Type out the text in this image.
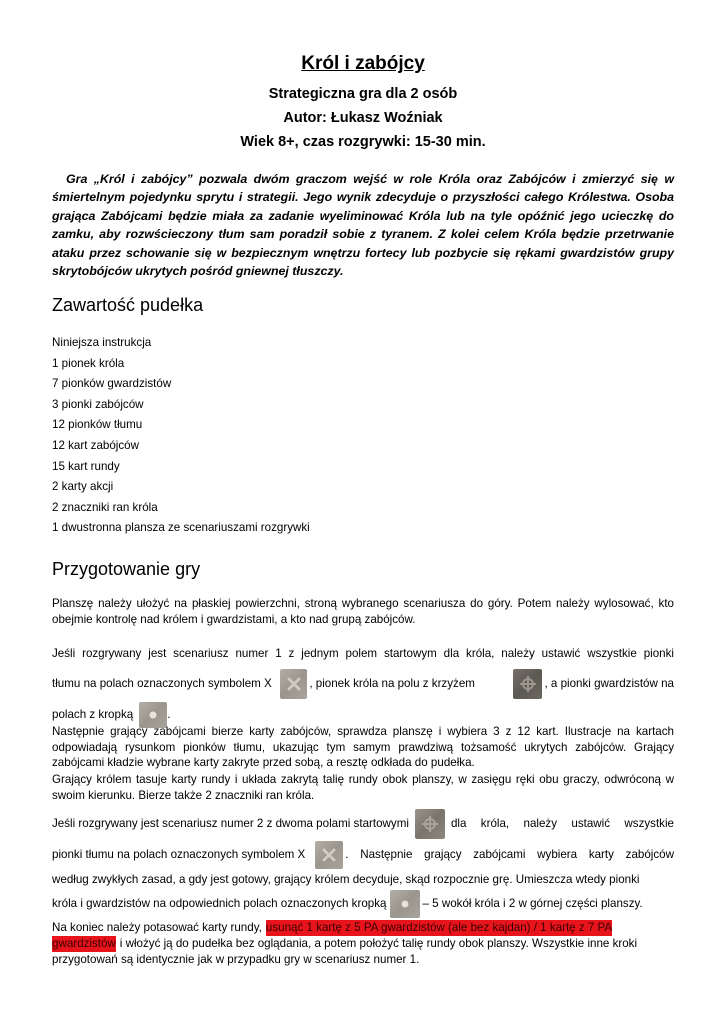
Król i zabójcy
Strategiczna gra dla 2 osób
Autor: Łukasz Woźniak
Wiek 8+, czas rozgrywki: 15-30 min.

Gra „Król i zabójcy” pozwala dwóm graczom wejść w role Króla oraz Zabójców i zmierzyć się w śmiertelnym pojedynku sprytu i strategii. Jego wynik zdecyduje o przyszłości całego Królestwa. Osoba grająca Zabójcami będzie miała za zadanie wyeliminować Króla lub na tyle opóźnić jego ucieczkę do zamku, aby rozwścieczony tłum sam poradził sobie z tyranem. Z kolei celem Króla będzie przetrwanie ataku przez schowanie się w bezpiecznym wnętrzu fortecy lub pozbycie się rękami gwardzistów grupy skrytobójców ukrytych pośród gniewnej tłuszczy.

Zawartość pudełka
Niniejsza instrukcja
1 pionek króla
7 pionków gwardzistów
3 pionki zabójców
12 pionków tłumu
12 kart zabójców
15 kart rundy
2 karty akcji
2 znaczniki ran króla
1 dwustronna plansza ze scenariuszami rozgrywki
Przygotowanie gry

Planszę należy ułożyć na płaskiej powierzchni, stroną wybranego scenariusza do góry. Potem należy wylosować, kto obejmie kontrolę nad królem i gwardzistami, a kto nad grupą zabójców.

Jeśli rozgrywany jest scenariusz numer 1 z jednym polem startowym dla króla, należy ustawić wszystkie pionki
tłumu na polach oznaczonych symbolem X	, pionek króla na polu z krzyżem	, a pionki gwardzistów na
polach z kropką	.

Następnie grający zabójcami bierze karty zabójców, sprawdza planszę i wybiera 3 z 12 kart. Ilustracje na kartach odpowiadają rysunkom pionków tłumu, ukazując tym samym prawdziwą tożsamość ukrytych zabójców. Grający zabójcami kładzie wybrane karty zakryte przed sobą, a resztę odkłada do pudełka.

Grający królem tasuje karty rundy i układa zakrytą talię rundy obok planszy, w zasięgu ręki obu graczy, odwróconą w swoim kierunku. Bierze także 2 znaczniki ran króla.

Jeśli rozgrywany jest scenariusz numer 2 z dwoma polami startowymi	dla króla, należy ustawić wszystkie
pionki tłumu na polach oznaczonych symbolem X	. Następnie grający zabójcami wybiera karty zabójców
według zwykłych zasad, a gdy jest gotowy, grający królem decyduje, skąd rozpocznie grę. Umieszcza wtedy pionki
króla i gwardzistów na odpowiednich polach oznaczonych kropką	– 5 wokół króla i 2 w górnej części planszy.
Na koniec należy potasować karty rundy, usunąć 1 kartę z 5 PA gwardzistów (ale bez kajdan) / 1 kartę z 7 PA
gwardzistów i włożyć ją do pudełka bez oglądania, a potem położyć talię rundy obok planszy. Wszystkie inne kroki
przygotowań są identycznie jak w przypadku gry w scenariusz numer 1.
